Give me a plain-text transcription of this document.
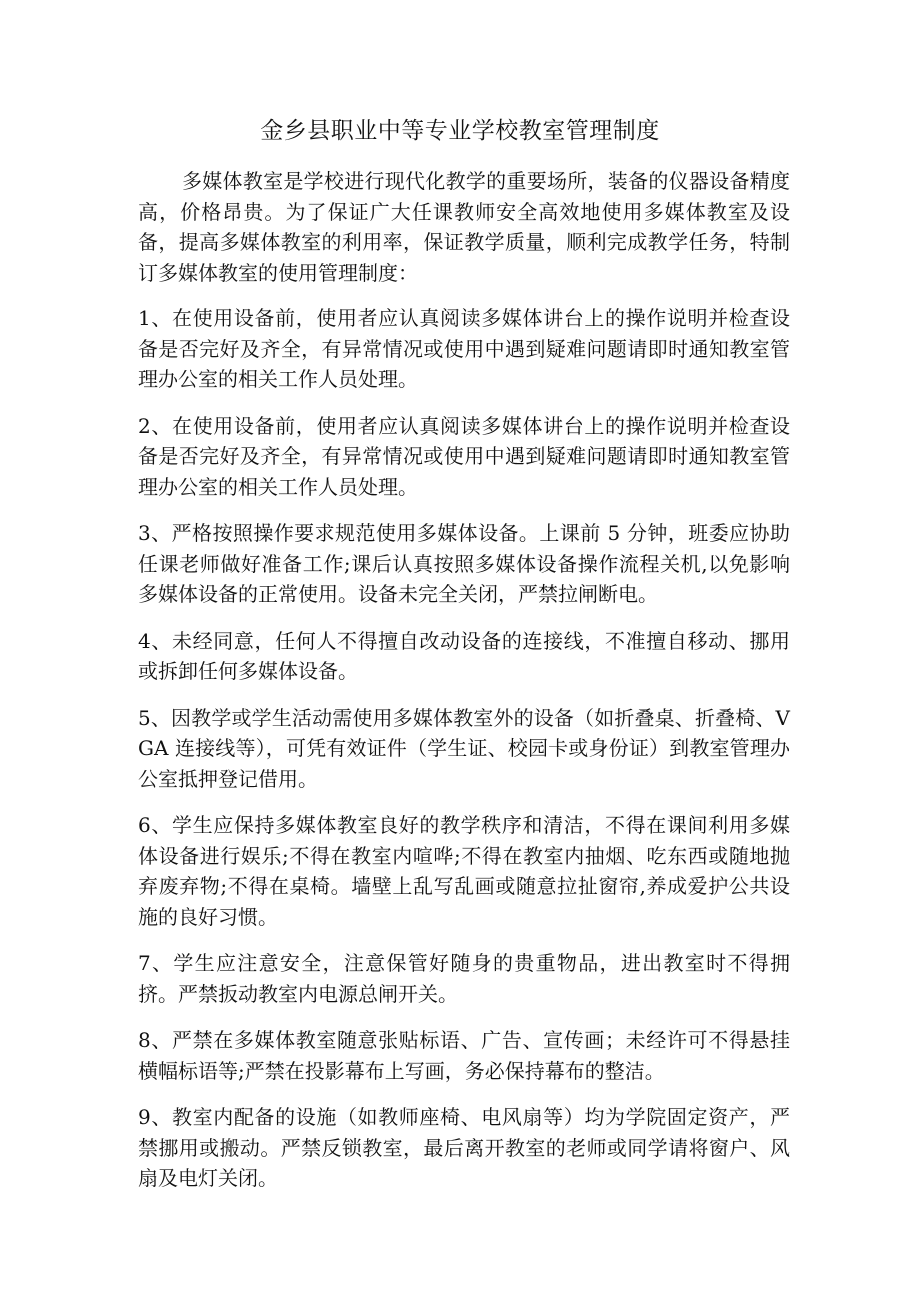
金乡县职业中等专业学校教室管理制度

多媒体教室是学校进行现代化教学的重要场所，装备的仪器设备精度高，价格昂贵。为了保证广大任课教师安全高效地使用多媒体教室及设备，提高多媒体教室的利用率，保证教学质量，顺利完成教学任务，特制订多媒体教室的使用管理制度：

1、在使用设备前，使用者应认真阅读多媒体讲台上的操作说明并检查设备是否完好及齐全，有异常情况或使用中遇到疑难问题请即时通知教室管理办公室的相关工作人员处理。

2、在使用设备前，使用者应认真阅读多媒体讲台上的操作说明并检查设备是否完好及齐全，有异常情况或使用中遇到疑难问题请即时通知教室管理办公室的相关工作人员处理。

3、严格按照操作要求规范使用多媒体设备。上课前 5 分钟，班委应协助任课老师做好准备工作;课后认真按照多媒体设备操作流程关机,以免影响多媒体设备的正常使用。设备未完全关闭，严禁拉闸断电。

4、未经同意，任何人不得擅自改动设备的连接线，不准擅自移动、挪用或拆卸任何多媒体设备。

5、因教学或学生活动需使用多媒体教室外的设备（如折叠桌、折叠椅、VGA 连接线等），可凭有效证件（学生证、校园卡或身份证）到教室管理办公室抵押登记借用。

6、学生应保持多媒体教室良好的教学秩序和清洁，不得在课间利用多媒体设备进行娱乐;不得在教室内喧哗;不得在教室内抽烟、吃东西或随地抛弃废弃物;不得在桌椅。墙壁上乱写乱画或随意拉扯窗帘,养成爱护公共设施的良好习惯。

7、学生应注意安全，注意保管好随身的贵重物品，进出教室时不得拥挤。严禁扳动教室内电源总闸开关。

8、严禁在多媒体教室随意张贴标语、广告、宣传画；未经许可不得悬挂横幅标语等;严禁在投影幕布上写画，务必保持幕布的整洁。

9、教室内配备的设施（如教师座椅、电风扇等）均为学院固定资产，严禁挪用或搬动。严禁反锁教室，最后离开教室的老师或同学请将窗户、风扇及电灯关闭。
